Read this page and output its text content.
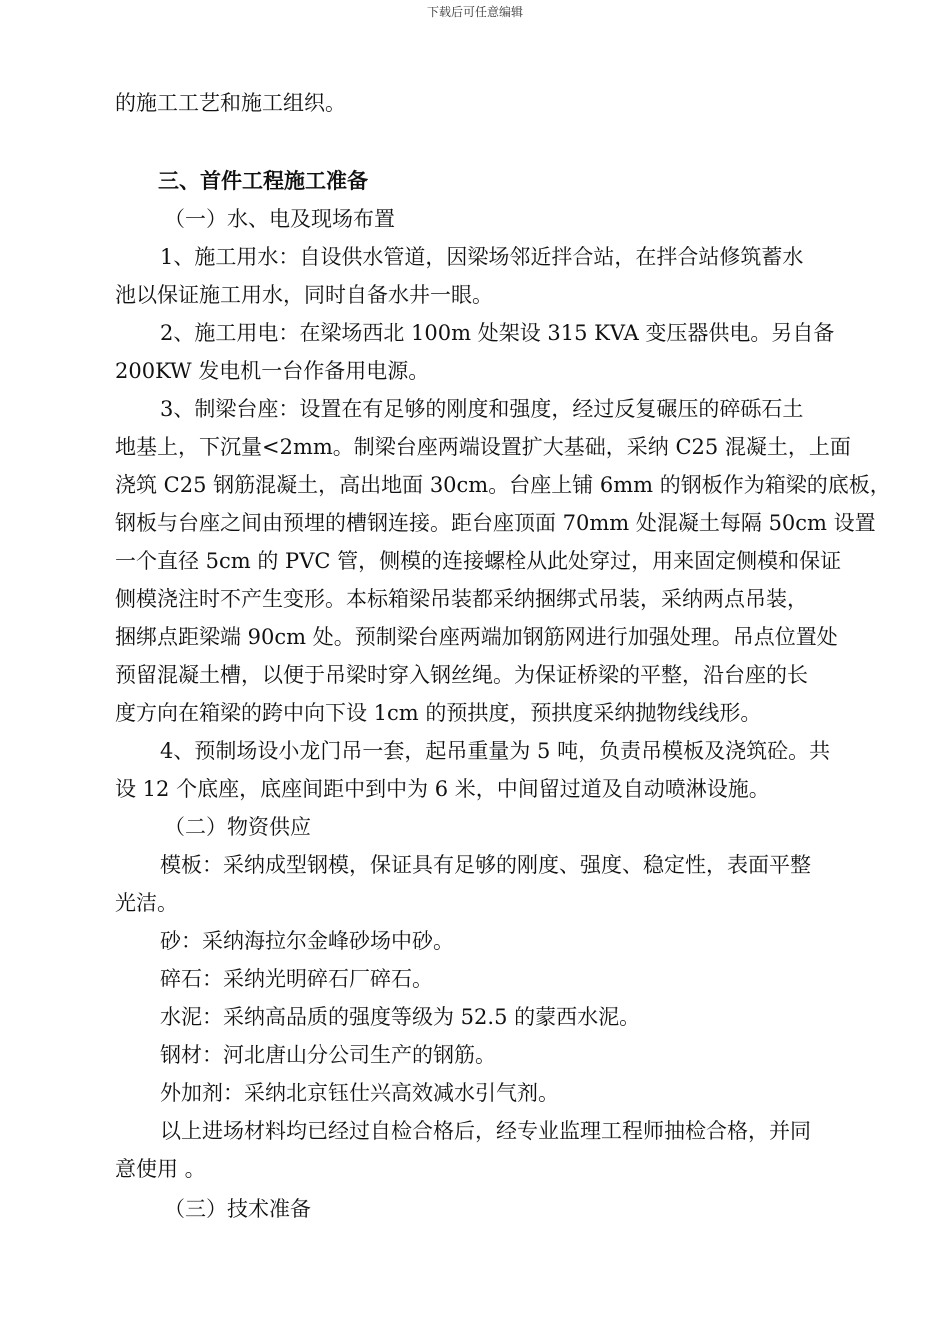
下载后可任意编辑
的施工工艺和施工组织。
三、首件工程施工准备
（一）水、电及现场布置
1、施工用水：自设供水管道，因梁场邻近拌合站，在拌合站修筑蓄水
池以保证施工用水，同时自备水井一眼。
2、施工用电：在梁场西北 100m 处架设 315 KVA 变压器供电。另自备
200KW 发电机一台作备用电源。
3、制梁台座：设置在有足够的刚度和强度，经过反复碾压的碎砾石土
地基上，下沉量<2mm。制梁台座两端设置扩大基础，采纳 C25 混凝土，上面
浇筑 C25 钢筋混凝土，高出地面 30cm。台座上铺 6mm 的钢板作为箱梁的底板，
钢板与台座之间由预埋的槽钢连接。距台座顶面 70mm 处混凝土每隔 50cm 设置
一个直径 5cm 的 PVC 管，侧模的连接螺栓从此处穿过，用来固定侧模和保证
侧模浇注时不产生变形。本标箱梁吊装都采纳捆绑式吊装，采纳两点吊装，
捆绑点距梁端 90cm 处。预制梁台座两端加钢筋网进行加强处理。吊点位置处
预留混凝土槽，以便于吊梁时穿入钢丝绳。为保证桥梁的平整，沿台座的长
度方向在箱梁的跨中向下设 1cm 的预拱度，预拱度采纳抛物线线形。
4、预制场设小龙门吊一套，起吊重量为 5 吨，负责吊模板及浇筑砼。共
设 12 个底座，底座间距中到中为 6 米，中间留过道及自动喷淋设施。
（二）物资供应
模板：采纳成型钢模，保证具有足够的刚度、强度、稳定性，表面平整
光洁。
砂：采纳海拉尔金峰砂场中砂。
碎石：采纳光明碎石厂碎石。
水泥：采纳高品质的强度等级为 52.5 的蒙西水泥。
钢材：河北唐山分公司生产的钢筋。
外加剂：采纳北京钰仕兴高效减水引气剂。
以上进场材料均已经过自检合格后，经专业监理工程师抽检合格，并同
意使用 。
（三）技术准备
